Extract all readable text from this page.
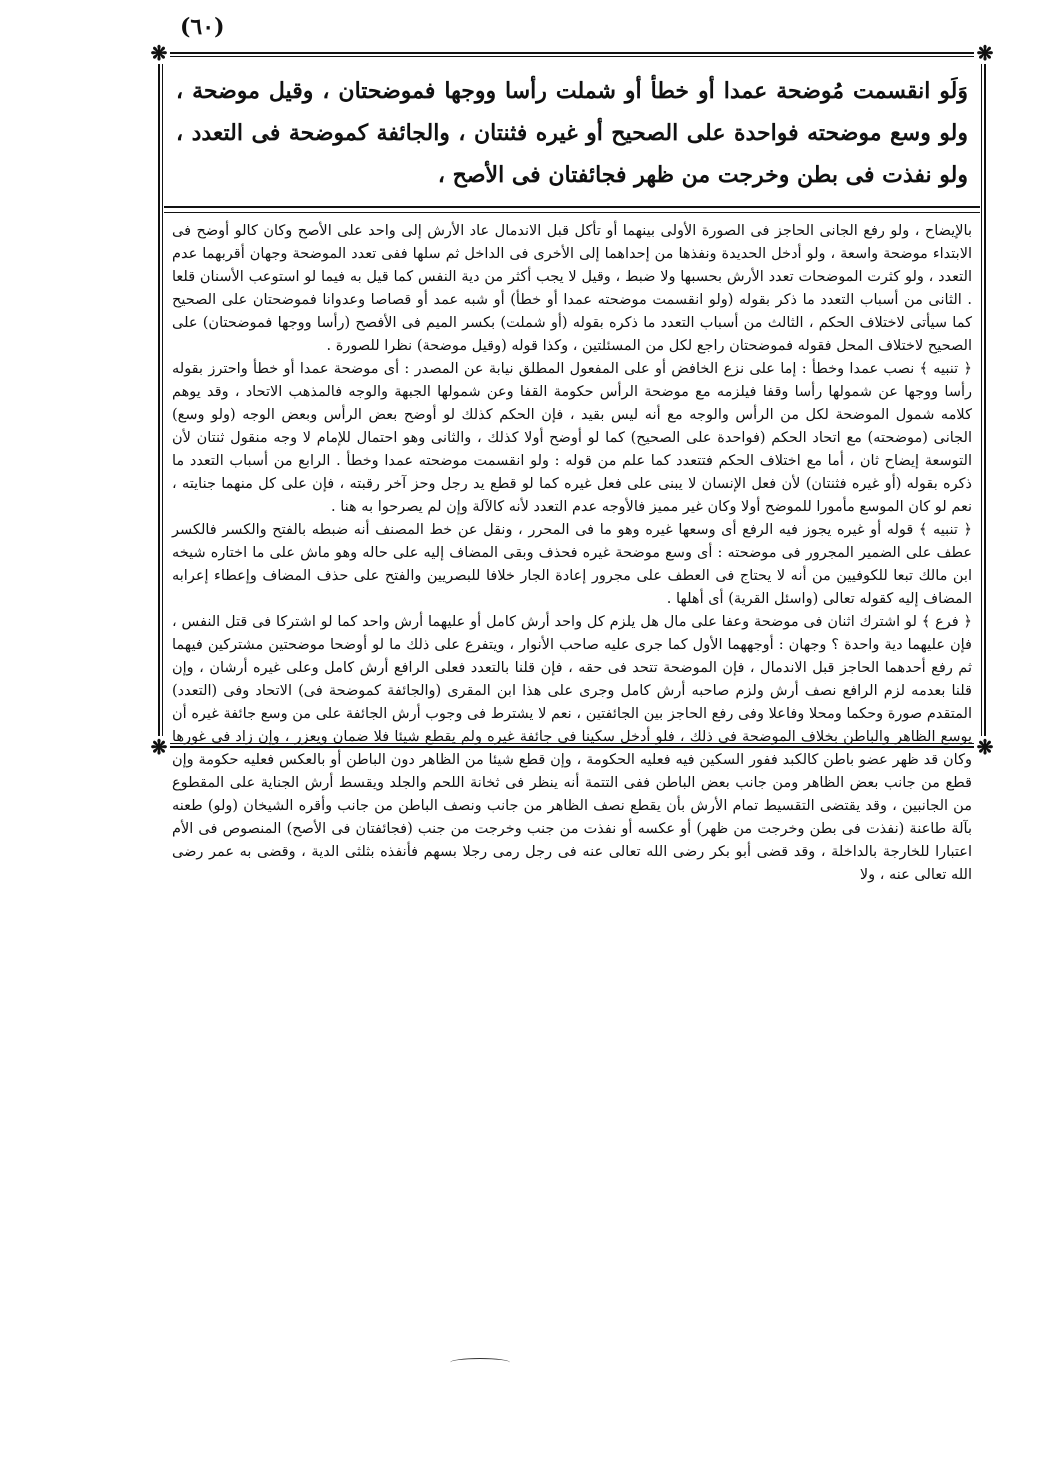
(٦٠)
❋	❋
❋	❋
وَلَو انقسمت مُوضحة عمدا أو خطأ أو شملت رأسا ووجها فموضحتان ، وقيل موضحة ، ولو وسع موضحته فواحدة على الصحيح أو غيره فثنتان ، والجائفة كموضحة فى التعدد ، ولو نفذت فى بطن وخرجت من ظهر فجائفتان فى الأصح ،

بالإيضاح ، ولو رفع الجانى الحاجز فى الصورة الأولى بينهما أو تأكل قبل الاندمال عاد الأرش إلى واحد على الأصح وكان كالو أوضح فى الابتداء موضحة واسعة ، ولو أدخل الحديدة ونفذها من إحداهما إلى الأخرى فى الداخل ثم سلها ففى تعدد الموضحة وجهان أقربهما عدم التعدد ، ولو كثرت الموضحات تعدد الأرش بحسبها ولا ضبط ، وقيل لا يجب أكثر من دية النفس كما قيل به فيما لو استوعب الأسنان قلعا . الثانى من أسباب التعدد ما ذكر بقوله (ولو انقسمت موضحته عمدا أو خطأ) أو شبه عمد أو قصاصا وعدوانا فموضحتان على الصحيح كما سيأتى لاختلاف الحكم ، الثالث من أسباب التعدد ما ذكره بقوله (أو شملت) بكسر الميم فى الأفصح (رأسا ووجها فموضحتان) على الصحيح لاختلاف المحل فقوله فموضحتان راجع لكل من المسئلتين ، وكذا قوله (وقيل موضحة) نظرا للصورة .

﴿ تنبيه ﴾ نصب عمدا وخطأ : إما على نزع الخافض أو على المفعول المطلق نيابة عن المصدر : أى موضحة عمدا أو خطأ واحترز بقوله رأسا ووجها عن شمولها رأسا وقفا فيلزمه مع موضحة الرأس حكومة القفا وعن شمولها الجبهة والوجه فالمذهب الاتحاد ، وقد يوهم كلامه شمول الموضحة لكل من الرأس والوجه مع أنه ليس بقيد ، فإن الحكم كذلك لو أوضح بعض الرأس وبعض الوجه (ولو وسع) الجانى (موضحته) مع اتحاد الحكم (فواحدة على الصحيح) كما لو أوضح أولا كذلك ، والثانى وهو احتمال للإمام لا وجه منقول ثنتان لأن التوسعة إيضاح ثان ، أما مع اختلاف الحكم فتتعدد كما علم من قوله : ولو انقسمت موضحته عمدا وخطأ . الرابع من أسباب التعدد ما ذكره بقوله (أو غيره فثنتان) لأن فعل الإنسان لا يبنى على فعل غيره كما لو قطع يد رجل وحز آخر رقبته ، فإن على كل منهما جنايته ، نعم لو كان الموسع مأمورا للموضح أولا وكان غير مميز فالأوجه عدم التعدد لأنه كالآلة وإن لم يصرحوا به هنا .

﴿ تنبيه ﴾ قوله أو غيره يجوز فيه الرفع أى وسعها غيره وهو ما فى المحرر ، ونقل عن خط المصنف أنه ضبطه بالفتح والكسر فالكسر عطف على الضمير المجرور فى موضحته : أى وسع موضحة غيره فحذف وبقى المضاف إليه على حاله وهو ماش على ما اختاره شيخه ابن مالك تبعا للكوفيين من أنه لا يحتاج فى العطف على مجرور إعادة الجار خلافا للبصريين والفتح على حذف المضاف وإعطاء إعرابه المضاف إليه كقوله تعالى (واسئل القرية) أى أهلها .

﴿ فرع ﴾ لو اشترك اثنان فى موضحة وعفا على مال هل يلزم كل واحد أرش كامل أو عليهما أرش واحد كما لو اشتركا فى قتل النفس ، فإن عليهما دية واحدة ؟ وجهان : أوجههما الأول كما جرى عليه صاحب الأنوار ، ويتفرع على ذلك ما لو أوضحا موضحتين مشتركين فيهما ثم رفع أحدهما الحاجز قبل الاندمال ، فإن الموضحة تتحد فى حقه ، فإن قلنا بالتعدد فعلى الرافع أرش كامل وعلى غيره أرشان ، وإن قلنا بعدمه لزم الرافع نصف أرش ولزم صاحبه أرش كامل وجرى على هذا ابن المقرى (والجائفة كموضحة فى) الاتحاد وفى (التعدد) المتقدم صورة وحكما ومحلا وفاعلا وفى رفع الحاجز بين الجائفتين ، نعم لا يشترط فى وجوب أرش الجائفة على من وسع جائفة غيره أن يوسع الظاهر والباطن بخلاف الموضحة فى ذلك ، فلو أدخل سكينا فى جائفة غيره ولم يقطع شيئا فلا ضمان ويعزر ، وإن زاد فى غورها وكان قد ظهر عضو باطن كالكبد ففور السكين فيه فعليه الحكومة ، وإن قطع شيئا من الظاهر دون الباطن أو بالعكس فعليه حكومة وإن قطع من جانب بعض الظاهر ومن جانب بعض الباطن ففى التتمة أنه ينظر فى ثخانة اللحم والجلد ويقسط أرش الجناية على المقطوع من الجانبين ، وقد يقتضى التقسيط تمام الأرش بأن يقطع نصف الظاهر من جانب ونصف الباطن من جانب وأقره الشيخان (ولو) طعنه بآلة طاعنة (نفذت فى بطن وخرجت من ظهر) أو عكسه أو نفذت من جنب وخرجت من جنب (فجائفتان فى الأصح) المنصوص فى الأم اعتبارا للخارجة بالداخلة ، وقد قضى أبو بكر رضى الله تعالى عنه فى رجل رمى رجلا بسهم فأنفذه بثلثى الدية ، وقضى به عمر رضى الله تعالى عنه ، ولا
